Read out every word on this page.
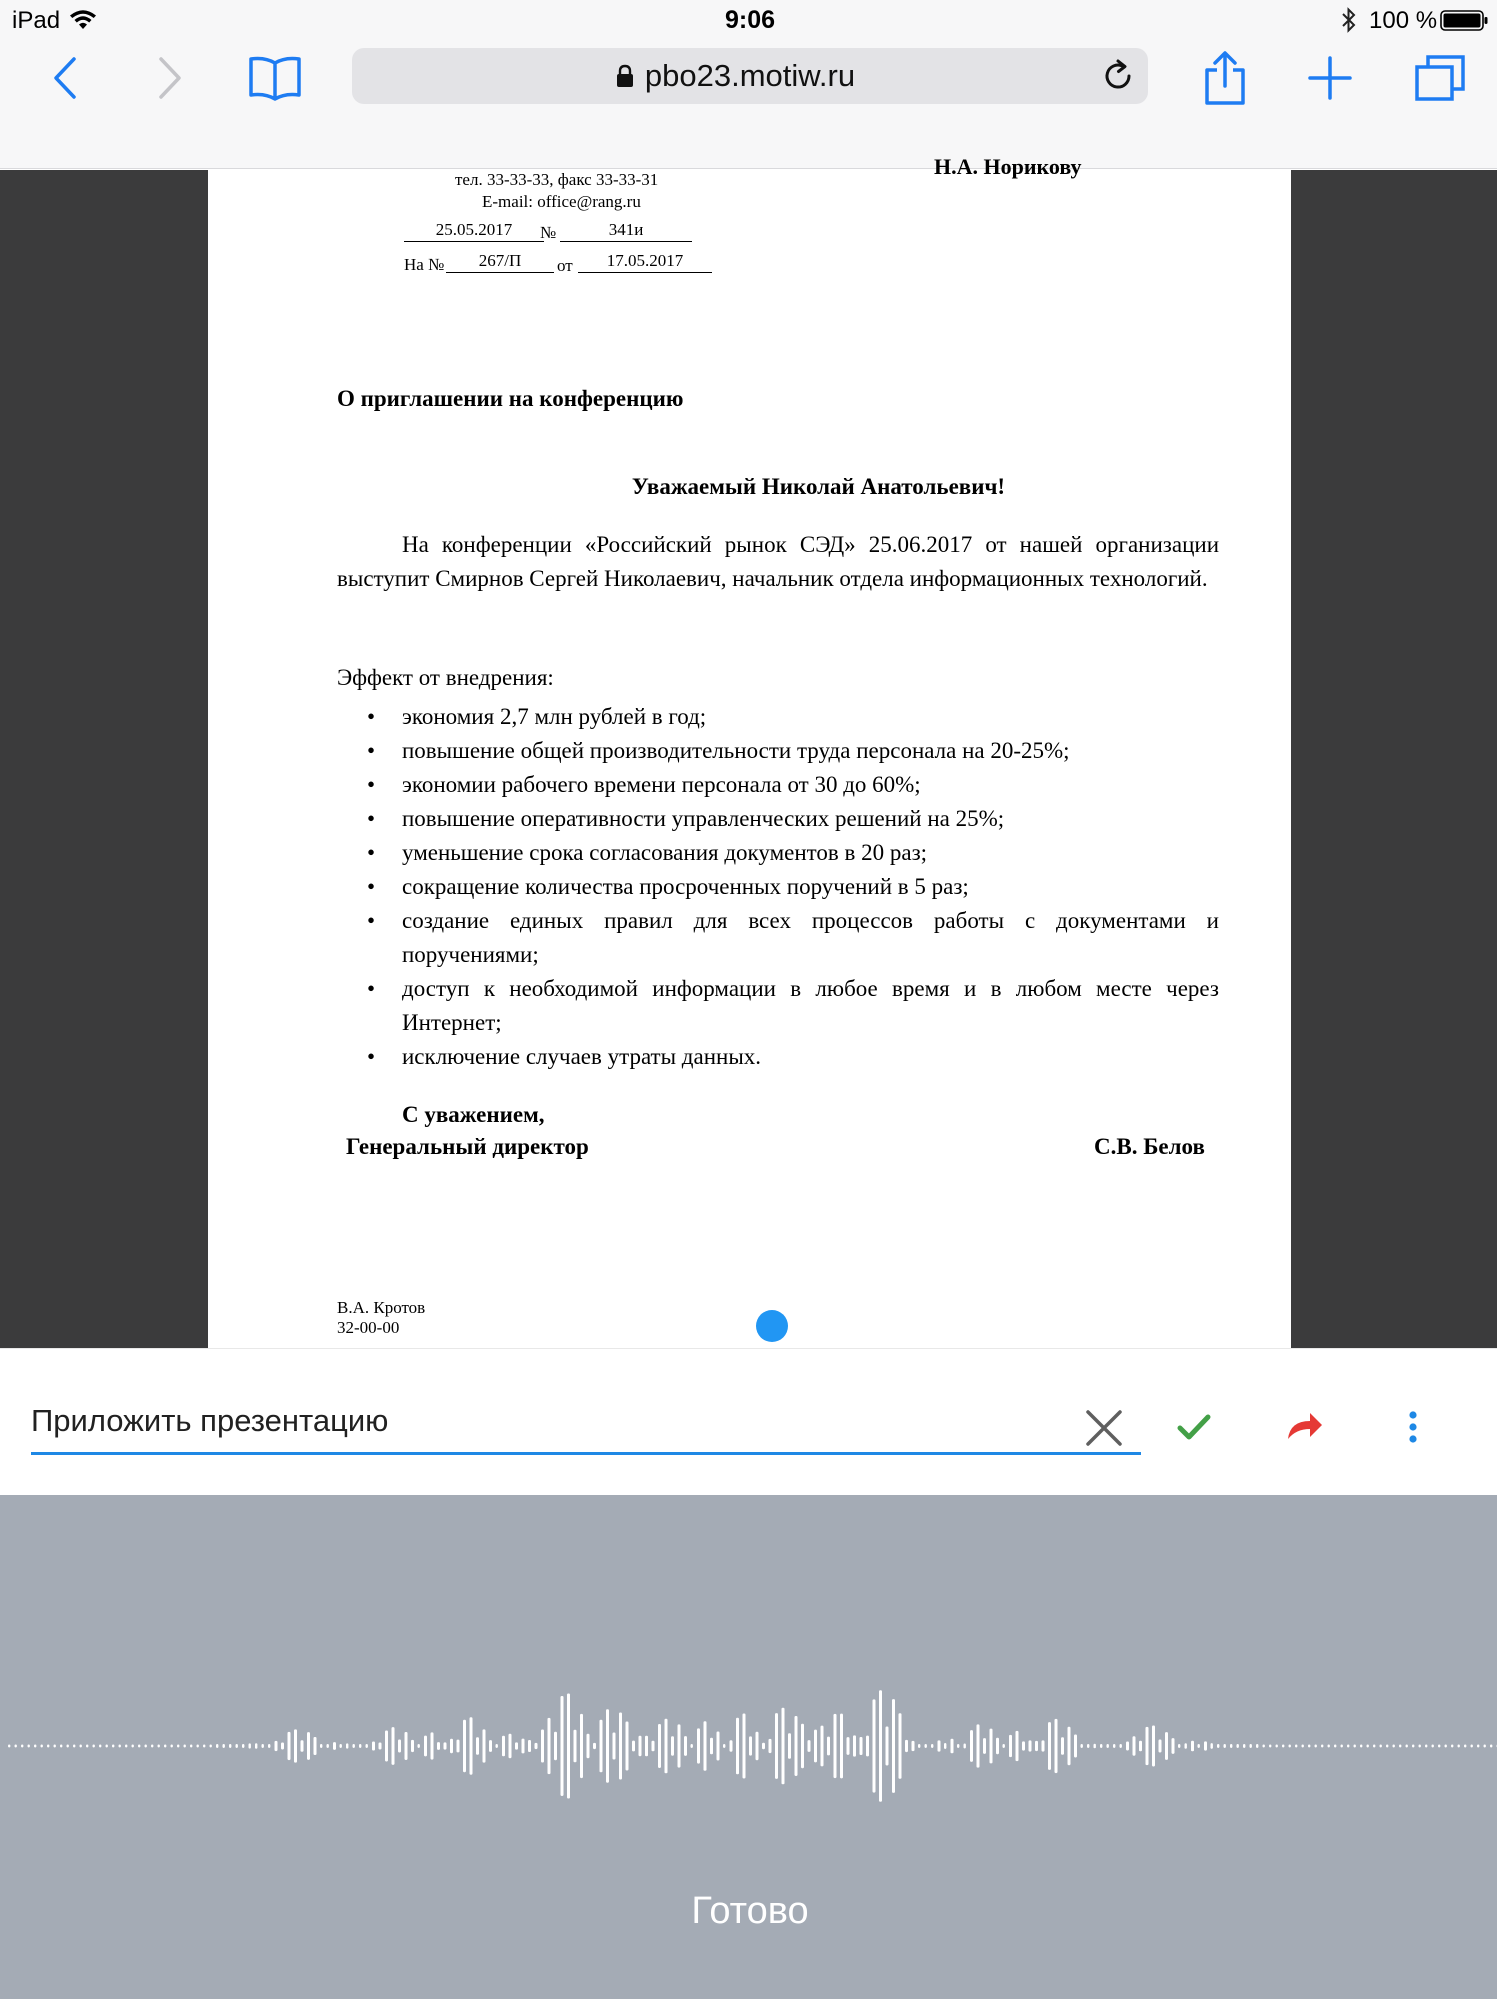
iPad	9:06	100 %
pbo23.motiw.ru
Н.А. Норикову
тел. 33-33-33, факс 33-33-31
E-mail: office@rang.ru
25.05.2017	№	341и
На №	267/П	от	17.05.2017
О приглашении на конференцию
Уважаемый Николай Анатольевич!
На конференции «Российский рынок СЭД» 25.06.2017 от нашей организации выступит Смирнов Сергей Николаевич, начальник отдела информационных технологий.
Эффект от внедрения:
• экономия 2,7 млн рублей в год;
• повышение общей производительности труда персонала на 20-25%;
• экономии рабочего времени персонала от 30 до 60%;
• повышение оперативности управленческих решений на 25%;
• уменьшение срока согласования документов в 20 раз;
• сокращение количества просроченных поручений в 5 раз;
• создание единых правил для всех процессов работы с документами и поручениями;
• доступ к необходимой информации в любое время и в любом месте через Интернет;
• исключение случаев утраты данных.
С уважением,
Генеральный директор	С.В. Белов
В.А. Кротов
32-00-00
Приложить презентацию
Готово
